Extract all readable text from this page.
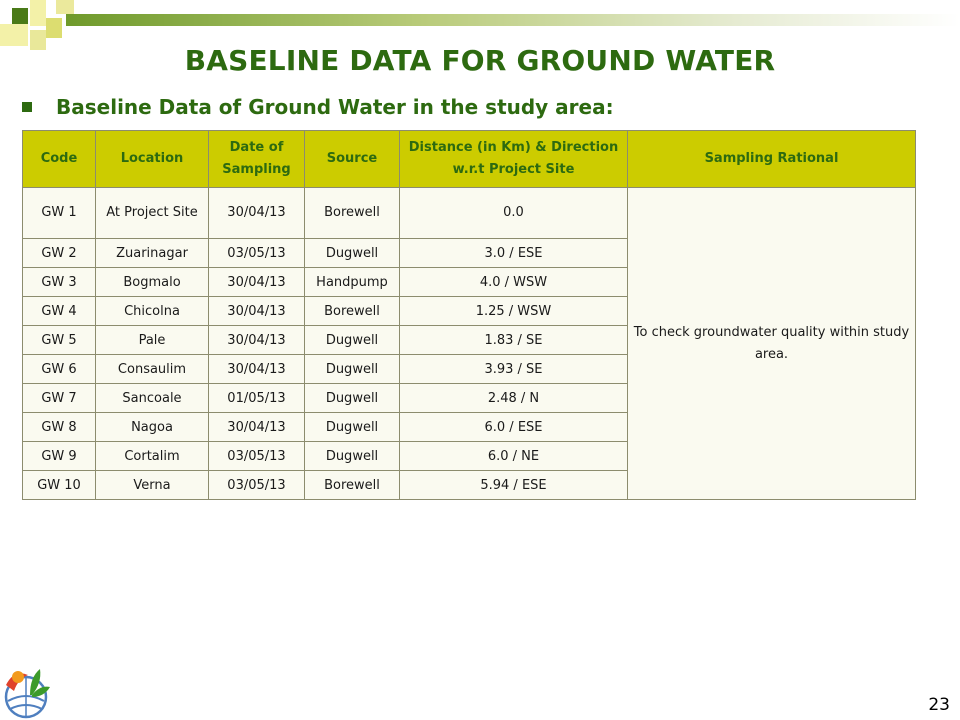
BASELINE DATA FOR GROUND WATER
Baseline Data of Ground Water in the study area:
Code	Location	Date of Sampling	Source	Distance (in Km) & Direction w.r.t Project Site	Sampling Rational
GW 1	At Project Site	30/04/13	Borewell	0.0	To check groundwater quality within study area.
GW 2	Zuarinagar	03/05/13	Dugwell	3.0 / ESE	
GW 3	Bogmalo	30/04/13	Handpump	4.0 / WSW	
GW 4	Chicolna	30/04/13	Borewell	1.25 / WSW	
GW 5	Pale	30/04/13	Dugwell	1.83 / SE	
GW 6	Consaulim	30/04/13	Dugwell	3.93 / SE	
GW 7	Sancoale	01/05/13	Dugwell	2.48 / N	
GW 8	Nagoa	30/04/13	Dugwell	6.0 / ESE	
GW 9	Cortalim	03/05/13	Dugwell	6.0 / NE	
GW 10	Verna	03/05/13	Borewell	5.94 / ESE	
23
